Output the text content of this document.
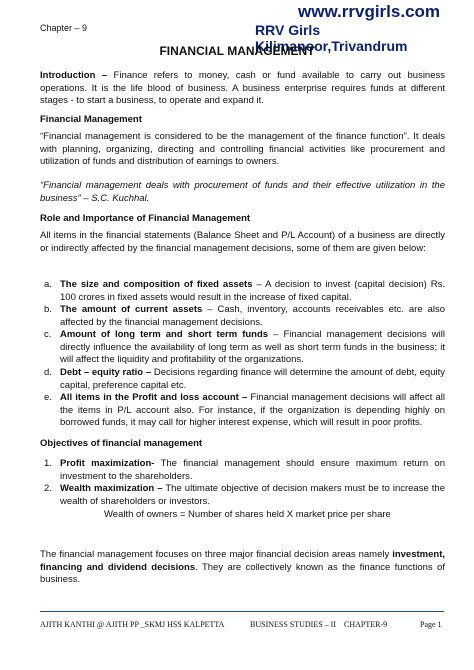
Chapter – 9
www.rrvgirls.com
RRV Girls Kilimanoor,Trivandrum
FINANCIAL MANAGEMENT

Introduction – Finance refers to money, cash or fund available to carry out business operations. It is the life blood of business. A business enterprise requires funds at different stages - to start a business, to operate and expand it.

Financial Management

“Financial management is considered to be the management of the finance function”. It deals with planning, organizing, directing and controlling financial activities like procurement and utilization of funds and distribution of earnings to owners.

“Financial management deals with procurement of funds and their effective utilization in the business” – S.C. Kuchhal.

Role and Importance of Financial Management

All items in the financial statements (Balance Sheet and P/L Account) of a business are directly or indirectly affected by the financial management decisions, some of them are given below:

a. The size and composition of fixed assets – A decision to invest (capital decision) Rs. 100 crores in fixed assets would result in the increase of fixed capital.

b. The amount of current assets – Cash, inventory, accounts receivables etc. are also affected by the financial management decisions.

c. Amount of long term and short term funds – Financial management decisions will directly influence the availability of long term as well as short term funds in the business; it will affect the liquidity and profitability of the organizations.

d. Debt – equity ratio – Decisions regarding finance will determine the amount of debt, equity capital, preference capital etc.

e. All items in the Profit and loss account – Financial management decisions will affect all the items in P/L account also. For instance, if the organization is depending highly on borrowed funds, it may call for higher interest expense, which will result in poor profits.

Objectives of financial management

1. Profit maximization- The financial management should ensure maximum return on investment to the shareholders.

2. Wealth maximization – The ultimate objective of decision makers must be to increase the wealth of shareholders or investors.

Wealth of owners = Number of shares held X market price per share

The financial management focuses on three major financial decision areas namely investment, financing and dividend decisions. They are collectively known as the finance functions of business.

AJITH KANTHI @ AJITH PP _SKMJ HSS KALPETTA	BUSINESS STUDIES – II CHAPTER-9	Page 1
